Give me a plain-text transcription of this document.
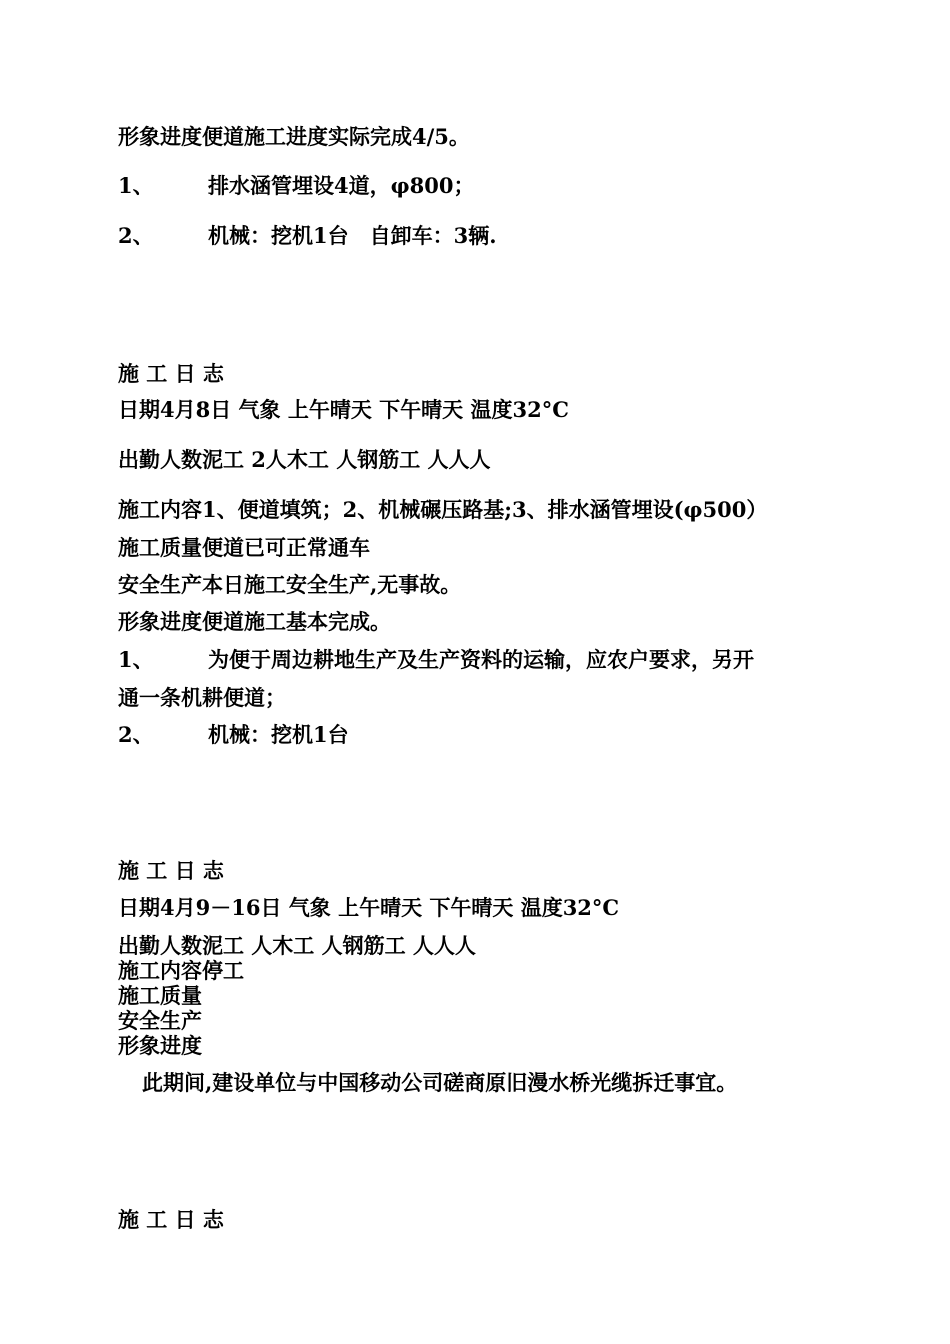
形象进度便道施工进度实际完成4/5。
1、	排水涵管埋设4道，φ800；
2、	机械：挖机1台　自卸车：3辆.
施 工 日 志
日期4月8日 气象 上午晴天 下午晴天 温度32°C
出勤人数泥工 2人木工 人钢筋工 人人人
施工内容1、便道填筑；2、机械碾压路基;3、排水涵管埋设(φ500）
施工质量便道已可正常通车
安全生产本日施工安全生产,无事故。
形象进度便道施工基本完成。
1、	为便于周边耕地生产及生产资料的运输，应农户要求，另开
通一条机耕便道；
2、	机械：挖机1台
施 工 日 志
日期4月9－16日 气象 上午晴天 下午晴天 温度32°C
出勤人数泥工 人木工 人钢筋工 人人人
施工内容停工
施工质量
安全生产
形象进度
此期间,建设单位与中国移动公司磋商原旧漫水桥光缆拆迁事宜。
施 工 日 志
